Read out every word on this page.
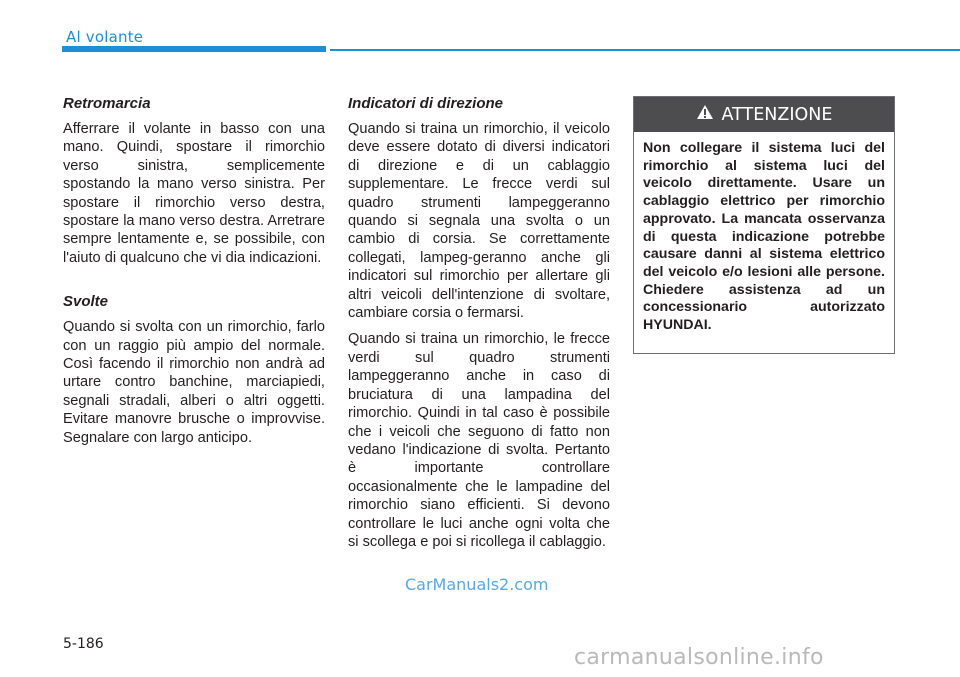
Al volante
Retromarcia

Afferrare il volante in basso con una mano. Quindi, spostare il rimorchio verso sinistra, semplicemente spostando la mano verso sinistra. Per spostare il rimorchio verso destra, spostare la mano verso destra. Arretrare sempre lentamente e, se possibile, con l'aiuto di qualcuno che vi dia indicazioni.

Svolte

Quando si svolta con un rimorchio, farlo con un raggio più ampio del normale. Così facendo il rimorchio non andrà ad urtare contro banchine, marciapiedi, segnali stradali, alberi o altri oggetti. Evitare manovre brusche o improvvise. Segnalare con largo anticipo.

Indicatori di direzione

Quando si traina un rimorchio, il veicolo deve essere dotato di diversi indicatori di direzione e di un cablaggio supplementare. Le frecce verdi sul quadro strumenti lampeggeranno quando si segnala una svolta o un cambio di corsia. Se correttamente collegati, lampeg-geranno anche gli indicatori sul rimorchio per allertare gli altri veicoli dell'intenzione di svoltare, cambiare corsia o fermarsi.

Quando si traina un rimorchio, le frecce verdi sul quadro strumenti lampeggeranno anche in caso di bruciatura di una lampadina del rimorchio. Quindi in tal caso è possibile che i veicoli che seguono di fatto non vedano l'indicazione di svolta. Pertanto è importante controllare occasionalmente che le lampadine del rimorchio siano efficienti. Si devono controllare le luci anche ogni volta che si scollega e poi si ricollega il cablaggio.

ATTENZIONE
Non collegare il sistema luci del rimorchio al sistema luci del veicolo direttamente. Usare un cablaggio elettrico per rimorchio approvato. La mancata osservanza di questa indicazione potrebbe causare danni al sistema elettrico del veicolo e/o lesioni alle persone. Chiedere assistenza ad un concessionario autorizzato HYUNDAI.
CarManuals2.com
5-186
carmanualsonline.info
